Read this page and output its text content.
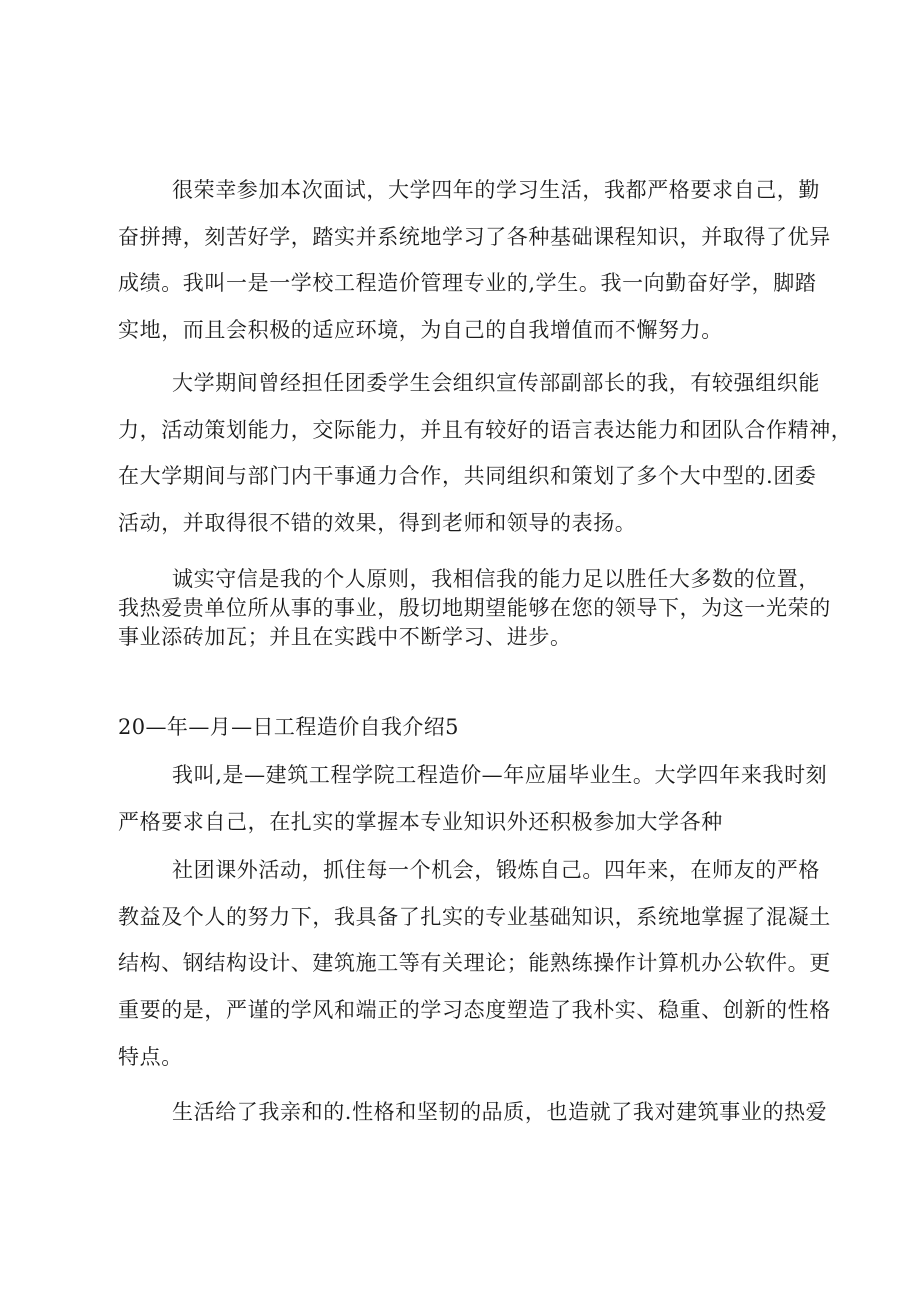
很荣幸参加本次面试，大学四年的学习生活，我都严格要求自己，勤
奋拼搏，刻苦好学，踏实并系统地学习了各种基础课程知识，并取得了优异
成绩。我叫一是一学校工程造价管理专业的,学生。我一向勤奋好学，脚踏
实地，而且会积极的适应环境，为自己的自我增值而不懈努力。
大学期间曾经担任团委学生会组织宣传部副部长的我，有较强组织能
力，活动策划能力，交际能力，并且有较好的语言表达能力和团队合作精神，
在大学期间与部门内干事通力合作，共同组织和策划了多个大中型的.团委
活动，并取得很不错的效果，得到老师和领导的表扬。
诚实守信是我的个人原则，我相信我的能力足以胜任大多数的位置，
我热爱贵单位所从事的事业，殷切地期望能够在您的领导下，为这一光荣的
事业添砖加瓦；并且在实践中不断学习、进步。
20—年—月—日工程造价自我介绍5
我叫,是—建筑工程学院工程造价—年应届毕业生。大学四年来我时刻
严格要求自己，在扎实的掌握本专业知识外还积极参加大学各种
社团课外活动，抓住每一个机会，锻炼自己。四年来，在师友的严格
教益及个人的努力下，我具备了扎实的专业基础知识，系统地掌握了混凝土
结构、钢结构设计、建筑施工等有关理论；能熟练操作计算机办公软件。更
重要的是，严谨的学风和端正的学习态度塑造了我朴实、稳重、创新的性格
特点。
生活给了我亲和的.性格和坚韧的品质，也造就了我对建筑事业的热爱
